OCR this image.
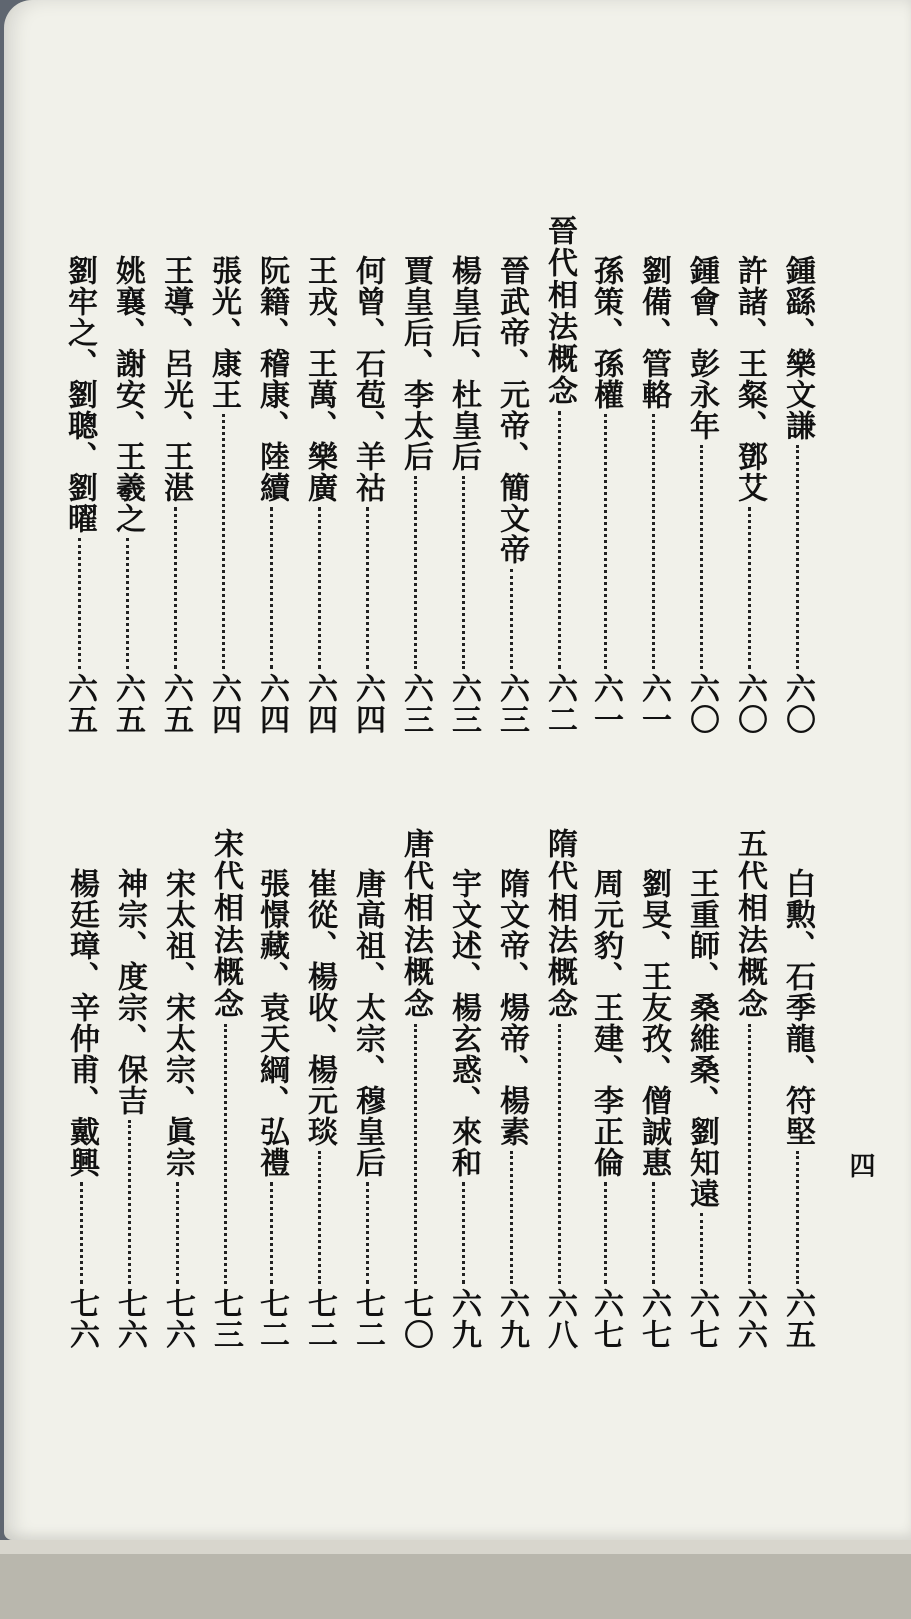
四
鍾繇、樂文謙
六〇
許諸、王粲、鄧艾
六〇
鍾會、彭永年
六〇
劉備、管輅
六一
孫策、孫權
六一
晉代相法概念
六二
晉武帝、元帝、簡文帝
六三
楊皇后、杜皇后
六三
賈皇后、李太后
六三
何曾、石苞、羊祜
六四
王戎、王萬、樂廣
六四
阮籍、稽康、陸續
六四
張光、康王
六四
王導、呂光、王湛
六五
姚襄、謝安、王羲之
六五
劉牢之、劉聰、劉曜
六五
白勲、石季龍、符堅
六五
五代相法概念
六六
王重師、桑維桑、劉知遠
六七
劉旻、王友孜、僧誠惠
六七
周元豹、王建、李正倫
六七
隋代相法概念
六八
隋文帝、煬帝、楊素
六九
宇文述、楊玄惑、來和
六九
唐代相法概念
七〇
唐高祖、太宗、穆皇后
七二
崔從、楊收、楊元琰
七二
張憬藏、袁天綱、弘禮
七二
宋代相法概念
七三
宋太祖、宋太宗、眞宗
七六
神宗、度宗、保吉
七六
楊廷璋、辛仲甫、戴興
七六
